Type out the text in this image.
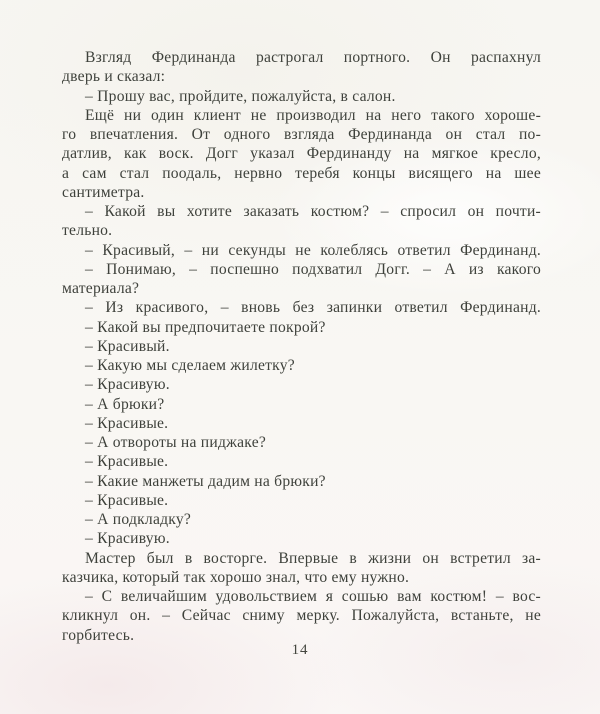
Взгляд Фердинанда растрогал портного. Он распахнул
дверь и сказал:
– Прошу вас, пройдите, пожалуйста, в салон.
Ещё ни один клиент не производил на него такого хороше-
го впечатления. От одного взгляда Фердинанда он стал по-
датлив, как воск. Догг указал Фердинанду на мягкое кресло,
а сам стал поодаль, нервно теребя концы висящего на шее
сантиметра.
– Какой вы хотите заказать костюм? – спросил он почти-
тельно.
– Красивый, – ни секунды не колеблясь ответил Фердинанд.
– Понимаю, – поспешно подхватил Догг. – А из какого
материала?
– Из красивого, – вновь без запинки ответил Фердинанд.
– Какой вы предпочитаете покрой?
– Красивый.
– Какую мы сделаем жилетку?
– Красивую.
– А брюки?
– Красивые.
– А отвороты на пиджаке?
– Красивые.
– Какие манжеты дадим на брюки?
– Красивые.
– А подкладку?
– Красивую.
Мастер был в восторге. Впервые в жизни он встретил за-
казчика, который так хорошо знал, что ему нужно.
– С величайшим удовольствием я сошью вам костюм! – вос-
кликнул он. – Сейчас сниму мерку. Пожалуйста, встаньте, не
горбитесь.
14
